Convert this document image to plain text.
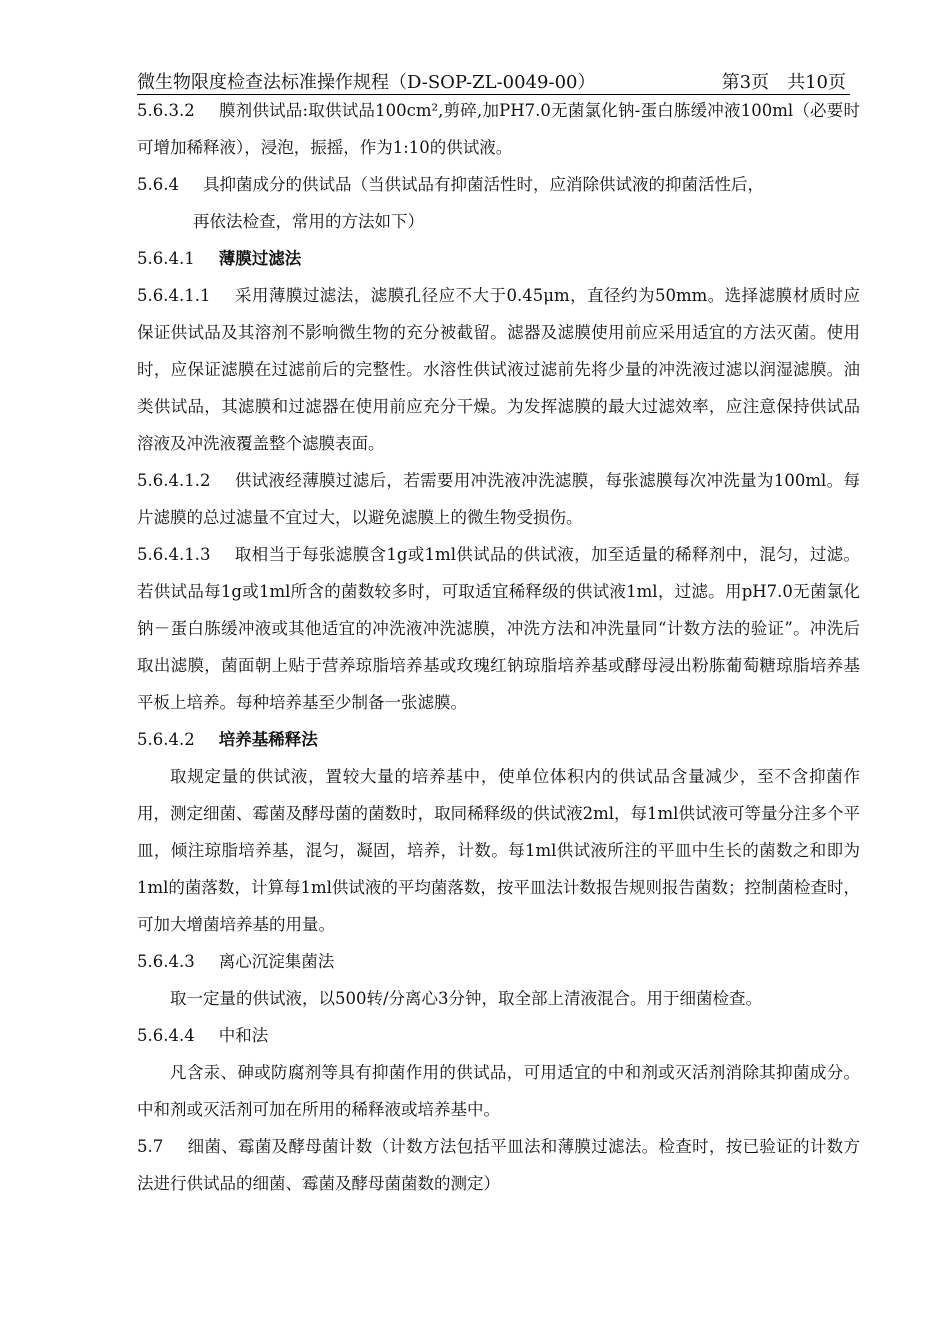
微生物限度检查法标准操作规程（D-SOP-ZL-0049-00）	第3页　共10页

5.6.3.2 膜剂供试品:取供试品100cm²,剪碎,加PH7.0无菌氯化钠-蛋白胨缓冲液100ml（必要时可增加稀释液），浸泡，振摇，作为1:10的供试液。

5.6.4 具抑菌成分的供试品（当供试品有抑菌活性时，应消除供试液的抑菌活性后，

再依法检查，常用的方法如下）

5.6.4.1 薄膜过滤法

5.6.4.1.1 采用薄膜过滤法，滤膜孔径应不大于0.45μm，直径约为50mm。选择滤膜材质时应保证供试品及其溶剂不影响微生物的充分被截留。滤器及滤膜使用前应采用适宜的方法灭菌。使用时，应保证滤膜在过滤前后的完整性。水溶性供试液过滤前先将少量的冲洗液过滤以润湿滤膜。油类供试品，其滤膜和过滤器在使用前应充分干燥。为发挥滤膜的最大过滤效率，应注意保持供试品溶液及冲洗液覆盖整个滤膜表面。

5.6.4.1.2 供试液经薄膜过滤后，若需要用冲洗液冲洗滤膜，每张滤膜每次冲洗量为100ml。每片滤膜的总过滤量不宜过大，以避免滤膜上的微生物受损伤。

5.6.4.1.3 取相当于每张滤膜含1g或1ml供试品的供试液，加至适量的稀释剂中，混匀，过滤。若供试品每1g或1ml所含的菌数较多时，可取适宜稀释级的供试液1ml，过滤。用pH7.0无菌氯化钠－蛋白胨缓冲液或其他适宜的冲洗液冲洗滤膜，冲洗方法和冲洗量同“计数方法的验证”。冲洗后取出滤膜，菌面朝上贴于营养琼脂培养基或玫瑰红钠琼脂培养基或酵母浸出粉胨葡萄糖琼脂培养基平板上培养。每种培养基至少制备一张滤膜。

5.6.4.2 培养基稀释法

取规定量的供试液，置较大量的培养基中，使单位体积内的供试品含量减少，至不含抑菌作用，测定细菌、霉菌及酵母菌的菌数时，取同稀释级的供试液2ml，每1ml供试液可等量分注多个平皿，倾注琼脂培养基，混匀，凝固，培养，计数。每1ml供试液所注的平皿中生长的菌数之和即为1ml的菌落数，计算每1ml供试液的平均菌落数，按平皿法计数报告规则报告菌数；控制菌检查时，可加大增菌培养基的用量。

5.6.4.3 离心沉淀集菌法

取一定量的供试液，以500转/分离心3分钟，取全部上清液混合。用于细菌检查。

5.6.4.4 中和法

凡含汞、砷或防腐剂等具有抑菌作用的供试品，可用适宜的中和剂或灭活剂消除其抑菌成分。中和剂或灭活剂可加在所用的稀释液或培养基中。

5.7 细菌、霉菌及酵母菌计数（计数方法包括平皿法和薄膜过滤法。检查时，按已验证的计数方法进行供试品的细菌、霉菌及酵母菌菌数的测定）
